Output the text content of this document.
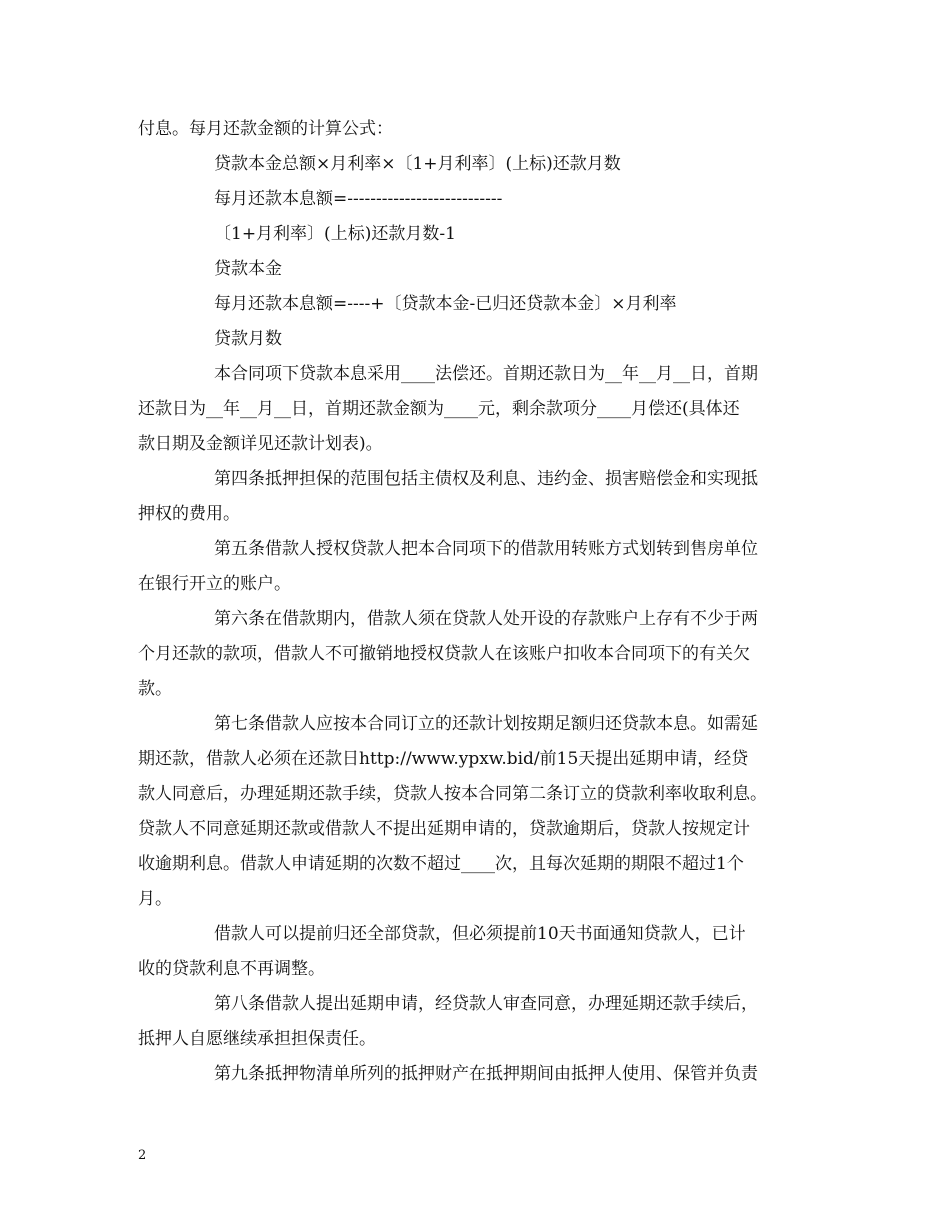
付息。每月还款金额的计算公式：
贷款本金总额×月利率×〔1+月利率〕(上标)还款月数
每月还款本息额=---------------------------
〔1+月利率〕(上标)还款月数-1
贷款本金
每月还款本息额=----+〔贷款本金-已归还贷款本金〕×月利率
贷款月数
本合同项下贷款本息采用____法偿还。首期还款日为__年__月__日，首期
还款日为__年__月__日，首期还款金额为____元，剩余款项分____月偿还(具体还
款日期及金额详见还款计划表)。
第四条抵押担保的范围包括主债权及利息、违约金、损害赔偿金和实现抵
押权的费用。
第五条借款人授权贷款人把本合同项下的借款用转账方式划转到售房单位
在银行开立的账户。
第六条在借款期内，借款人须在贷款人处开设的存款账户上存有不少于两
个月还款的款项，借款人不可撤销地授权贷款人在该账户扣收本合同项下的有关欠
款。
第七条借款人应按本合同订立的还款计划按期足额归还贷款本息。如需延
期还款，借款人必须在还款日http://www.ypxw.bid/前15天提出延期申请，经贷
款人同意后，办理延期还款手续，贷款人按本合同第二条订立的贷款利率收取利息。
贷款人不同意延期还款或借款人不提出延期申请的，贷款逾期后，贷款人按规定计
收逾期利息。借款人申请延期的次数不超过____次，且每次延期的期限不超过1个
月。
借款人可以提前归还全部贷款，但必须提前10天书面通知贷款人，已计
收的贷款利息不再调整。
第八条借款人提出延期申请，经贷款人审查同意，办理延期还款手续后，
抵押人自愿继续承担担保责任。
第九条抵押物清单所列的抵押财产在抵押期间由抵押人使用、保管并负责
2
